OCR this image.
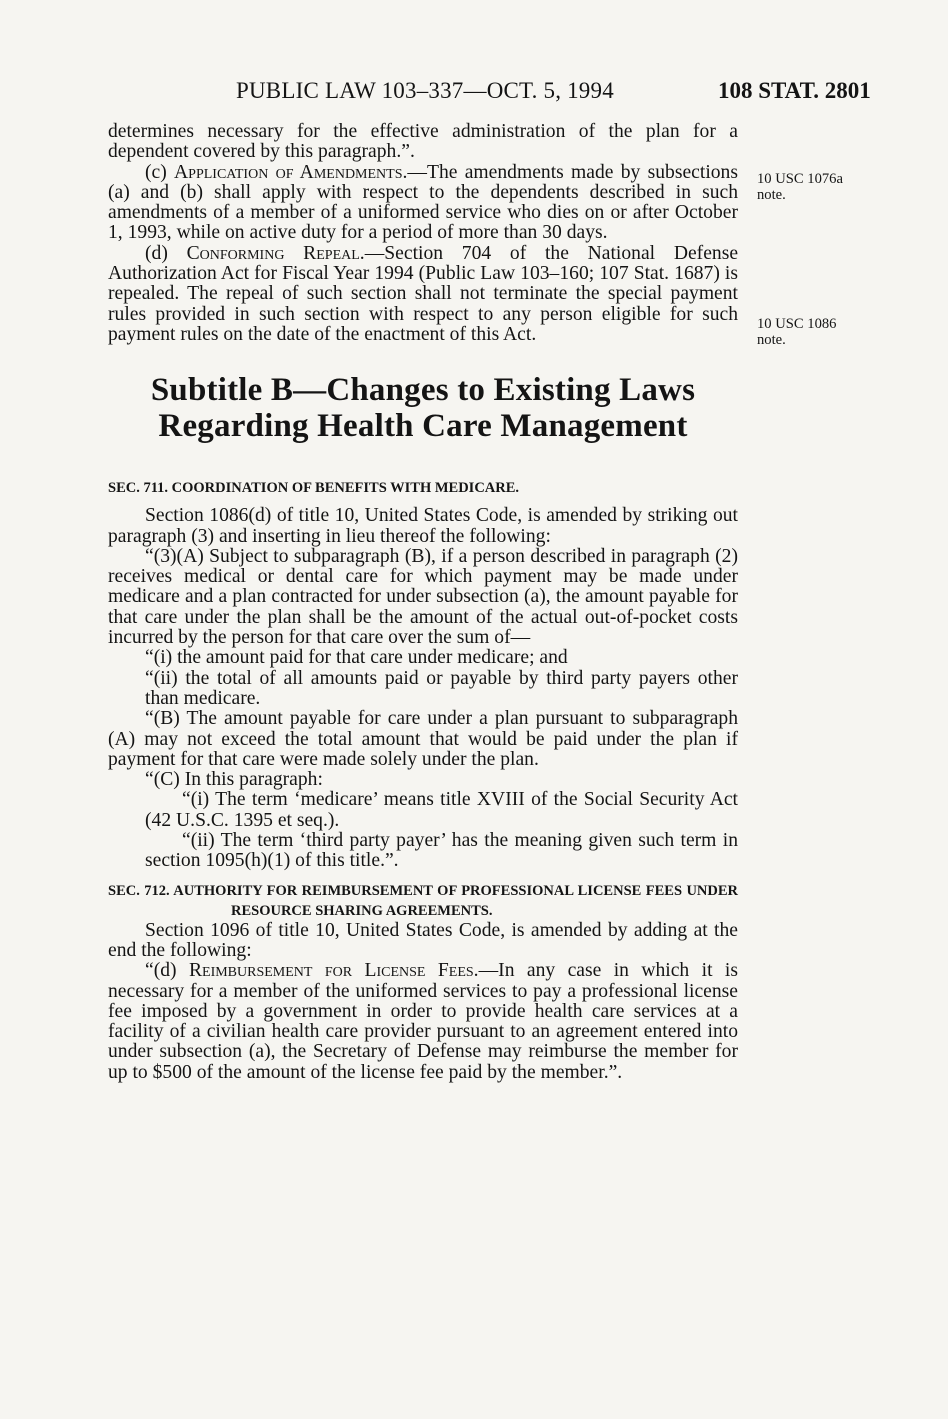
PUBLIC LAW 103–337—OCT. 5, 1994	108 STAT. 2801
10 USC 1076a
note.
10 USC 1086
note.

determines necessary for the effective administration of the plan for a dependent covered by this paragraph.”.

(c) Application of Amendments.—The amendments made by subsections (a) and (b) shall apply with respect to the dependents described in such amendments of a member of a uniformed service who dies on or after October 1, 1993, while on active duty for a period of more than 30 days.

(d) Conforming Repeal.—Section 704 of the National Defense Authorization Act for Fiscal Year 1994 (Public Law 103–160; 107 Stat. 1687) is repealed. The repeal of such section shall not terminate the special payment rules provided in such section with respect to any person eligible for such payment rules on the date of the enactment of this Act.

Subtitle B—Changes to Existing Laws
Regarding Health Care Management

SEC. 711. COORDINATION OF BENEFITS WITH MEDICARE.

Section 1086(d) of title 10, United States Code, is amended by striking out paragraph (3) and inserting in lieu thereof the following:

“(3)(A) Subject to subparagraph (B), if a person described in paragraph (2) receives medical or dental care for which payment may be made under medicare and a plan contracted for under subsection (a), the amount payable for that care under the plan shall be the amount of the actual out-of-pocket costs incurred by the person for that care over the sum of—

“(i) the amount paid for that care under medicare; and

“(ii) the total of all amounts paid or payable by third party payers other than medicare.

“(B) The amount payable for care under a plan pursuant to subparagraph (A) may not exceed the total amount that would be paid under the plan if payment for that care were made solely under the plan.

“(C) In this paragraph:

“(i) The term ‘medicare’ means title XVIII of the Social Security Act (42 U.S.C. 1395 et seq.).

“(ii) The term ‘third party payer’ has the meaning given such term in section 1095(h)(1) of this title.”.

SEC. 712. AUTHORITY FOR REIMBURSEMENT OF PROFESSIONAL LICENSE FEES UNDER RESOURCE SHARING AGREEMENTS.

Section 1096 of title 10, United States Code, is amended by adding at the end the following:

“(d) Reimbursement for License Fees.—In any case in which it is necessary for a member of the uniformed services to pay a professional license fee imposed by a government in order to provide health care services at a facility of a civilian health care provider pursuant to an agreement entered into under subsection (a), the Secretary of Defense may reimburse the member for up to $500 of the amount of the license fee paid by the member.”.
